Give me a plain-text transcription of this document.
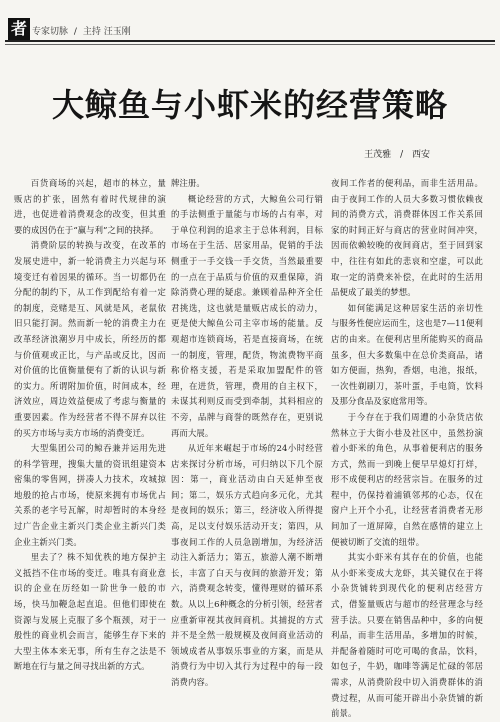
者 专家切脉 / 主持 汪玉刚
大鲸鱼与小虾米的经营策略
王茂雅 / 西安

百货商场的兴起，超市的林立，量贩店的扩张，固然有着时代规律的演进，也促进着消费观念的改变，但其重要的成因仍在于“赢与利”之间的抉择。

消费阶层的转换与改变，在改革的发展史进中，新一轮消费主力兴起与环境变迁有着因果的循环。当一切都仍在分配的制约下，从工作到配给有着一定的制度，竞赌是互、风就是风，老鼠依旧只能打洞。然而新一轮的消费主力在改革经济浪潮岁月中成长，所经历的都与价值观或正比，与产品或反比，因而对价值的比值衡量便有了新的认识与新的实力。所谓附加价值，时间成本，经济效应，周边效益便成了考虑与衡量的重要因素。作为经营者不得不屏弃以往的买方市场与卖方市场的消费变迁。

大型集团公司的鲸吞兼并运用先进的科学管理，搜集大量的资讯组建资本密集的零售网，拼凑人力技术，攻城掠地般的抢占市场，使原来拥有市场优占关系的老字号瓦解，时却暂时的本身经过广告企业主新兴门类企业主新兴门类企业主新兴门类。

里去了？株不知优秩的地方保护主义抵挡不住市场的变迁。唯具有商业意识的企业在历经如一阶世争一般的市场，快马加鞭急起直追。但他们即使在资源与发展上克服了多个瓶颈，对于一般性的商业机会而言，能够生存下来的大型主体本来无事，所有生存之法是不断地在行与量之间寻找出新的方式。

牌注册。

概论经营的方式，大鲸鱼公司行销的手法侧重于量能与市场的占有率，对于单位利润的追求主于总体利润，目标市场在于生活、居家用品，促销的手法侧重于一手交钱一手交货，当然最重要的一点在于品质与价值的双重保障，消除消费心理的疑虑。兼顾着品种齐全任君挑选，这也就是量贩店成长的动力，更是使大鲸鱼公司主宰市场的能量。反观超市连锁商场，若是直接商场，在统一的制度，管理，配货，物流费物平商称价格支援，若是采取加盟配件的管理，在进货，管理，费用的自主权下，未谋其利则反而受到牵制，其料相应的不旁，品牌与商誉的既然存在，更别说再而大展。

从近年来崛起于市场的24小时经营店来探讨分析市场，可归纳以下几个原因：第一，商业活动由白天延伸至夜间；第二，娱乐方式趋向多元化，尤其是夜间的娱乐；第三，经济收入所得提高，足以支付娱乐活动开支；第四，从事夜间工作的人员急剧增加，为经济活动注入新活力；第五，旅游人潮不断增长，丰富了白天与夜间的旅游开发；第六，消费观念转变，懂得理财的循环系数。从以上6种概念的分析引领，经营者应重新审视其夜间商机。其捕捉的方式并不是全然一般规模及夜间商业活动的领域成者从事娱乐事业的方案，而是从消费行为中切入其行为过程中的每一段消费内容。

夜间工作者的便利品，而非生活用品。由于夜间工作的人员大多数习惯依赖夜间的消费方式，消费群体因工作关系回家的时间正好与商店的营业时间冲突，因而依赖较晚的夜间商店，至于回到家中，往往有如此的悲哀和空虚，可以此取一定的消费来补偿，在此时的生活用品便成了最美的梦想。

如何能满足这种居家生活的亲切性与服务性便应运而生，这也是7—11便利店的由来。在便利店里所能购买的商品虽多，但大多数集中在总价类商品，诸如方便面，热狗，香烟，电池，报纸，一次性剃刷刀，茶叶蛋，手电筒，饮料及那分食品及家庭常用等。

于今存在于我们周遭的小杂货店依然林立于大街小巷及社区中，虽然扮演着小虾米的角色，从事着便利店的服务方式，然而一到晚上便早早熄灯打烊，形不成便利店的经营宗旨。在服务的过程中，仍保持着浦镇邻邦的心态，仅在窗户上开个小孔，让经营者消费者无形间加了一道屏障，自然在感情的建立上便被切断了交流的纽带。

其实小虾米有其存在的价值，也能从小虾米变成大龙虾，其关键仅在于将小杂货铺转到现代化的便利店经营方式，借鉴量贩店与超市的经营理念与经营手法。只要在销售品种中，多的向便利品，而非生活用品，多增加的时候，并配备着随时可吃可喝的食品，饮料，如包子，牛奶，咖啡等满足忙碌的邻居需求，从消费阶段中切入消费群体的消费过程，从而可能开辟出小杂货铺的新前景。
